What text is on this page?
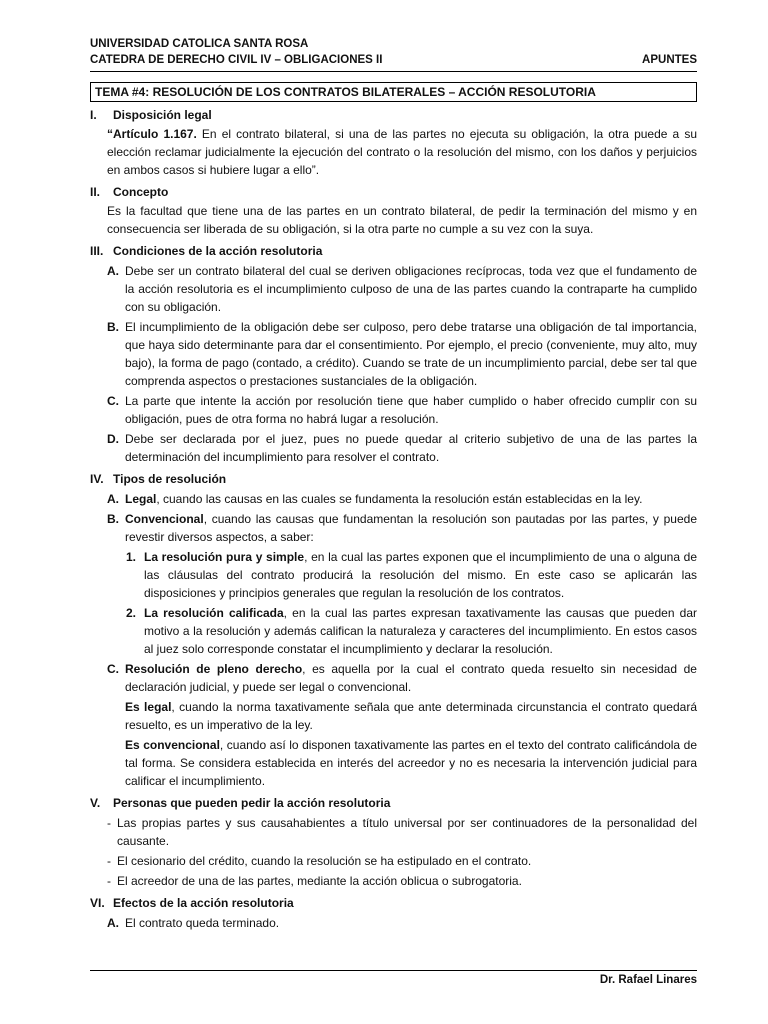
UNIVERSIDAD CATOLICA SANTA ROSA
CATEDRA DE DERECHO CIVIL IV – OBLIGACIONES II	APUNTES
TEMA #4: RESOLUCIÓN DE LOS CONTRATOS BILATERALES – ACCIÓN RESOLUTORIA
I.	Disposición legal

“Artículo 1.167. En el contrato bilateral, si una de las partes no ejecuta su obligación, la otra puede a su elección reclamar judicialmente la ejecución del contrato o la resolución del mismo, con los daños y perjuicios en ambos casos si hubiere lugar a ello”.

II.	Concepto

Es la facultad que tiene una de las partes en un contrato bilateral, de pedir la terminación del mismo y en consecuencia ser liberada de su obligación, si la otra parte no cumple a su vez con la suya.

III. Condiciones de la acción resolutoria
A. Debe ser un contrato bilateral del cual se deriven obligaciones recíprocas, toda vez que el fundamento de la acción resolutoria es el incumplimiento culposo de una de las partes cuando la contraparte ha cumplido con su obligación.
B. El incumplimiento de la obligación debe ser culposo, pero debe tratarse una obligación de tal importancia, que haya sido determinante para dar el consentimiento. Por ejemplo, el precio (conveniente, muy alto, muy bajo), la forma de pago (contado, a crédito). Cuando se trate de un incumplimiento parcial, debe ser tal que comprenda aspectos o prestaciones sustanciales de la obligación.
C. La parte que intente la acción por resolución tiene que haber cumplido o haber ofrecido cumplir con su obligación, pues de otra forma no habrá lugar a resolución.
D. Debe ser declarada por el juez, pues no puede quedar al criterio subjetivo de una de las partes la determinación del incumplimiento para resolver el contrato.
IV. Tipos de resolución
A. Legal, cuando las causas en las cuales se fundamenta la resolución están establecidas en la ley.
B. Convencional, cuando las causas que fundamentan la resolución son pautadas por las partes, y puede revestir diversos aspectos, a saber:
1. La resolución pura y simple, en la cual las partes exponen que el incumplimiento de una o alguna de las cláusulas del contrato producirá la resolución del mismo. En este caso se aplicarán las disposiciones y principios generales que regulan la resolución de los contratos.
2. La resolución calificada, en la cual las partes expresan taxativamente las causas que pueden dar motivo a la resolución y además califican la naturaleza y caracteres del incumplimiento. En estos casos al juez solo corresponde constatar el incumplimiento y declarar la resolución.
C. Resolución de pleno derecho, es aquella por la cual el contrato queda resuelto sin necesidad de declaración judicial, y puede ser legal o convencional.

Es legal, cuando la norma taxativamente señala que ante determinada circunstancia el contrato quedará resuelto, es un imperativo de la ley.

Es convencional, cuando así lo disponen taxativamente las partes en el texto del contrato calificándola de tal forma. Se considera establecida en interés del acreedor y no es necesaria la intervención judicial para calificar el incumplimiento.

V.	Personas que pueden pedir la acción resolutoria
- Las propias partes y sus causahabientes a título universal por ser continuadores de la personalidad del causante.
- El cesionario del crédito, cuando la resolución se ha estipulado en el contrato.
- El acreedor de una de las partes, mediante la acción oblicua o subrogatoria.
VI. Efectos de la acción resolutoria
A. El contrato queda terminado.
Dr. Rafael Linares
